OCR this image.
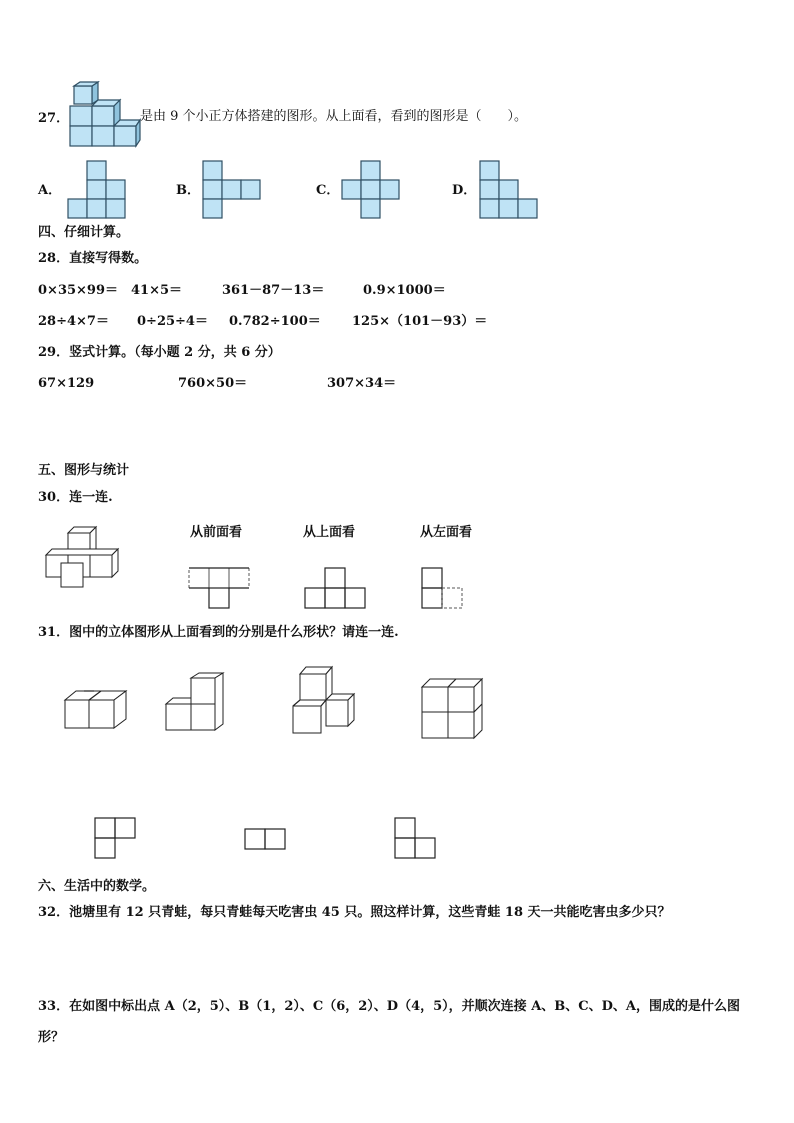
27．	是由 9 个小正方体搭建的图形。从上面看，看到的图形是（　　）。
A．	B．	C．	D．
四、仔细计算。
28．直接写得数。
0×35×99＝ 41×5＝	361－87－13＝	0.9×1000＝
28÷4×7＝ 0÷25÷4＝ 0.782÷100＝ 125×（101－93）＝
29．竖式计算。（每小题 2 分，共 6 分）
67×129	760×50＝	307×34＝
五、图形与统计
30．连一连.
从前面看	从上面看	从左面看
31．图中的立体图形从上面看到的分别是什么形状？请连一连.
六、生活中的数学。
32．池塘里有 12 只青蛙，每只青蛙每天吃害虫 45 只。照这样计算，这些青蛙 18 天一共能吃害虫多少只？
33．在如图中标出点 A（2，5）、B（1，2）、C（6，2）、D（4，5），并顺次连接 A、B、C、D、A，围成的是什么图
形？
